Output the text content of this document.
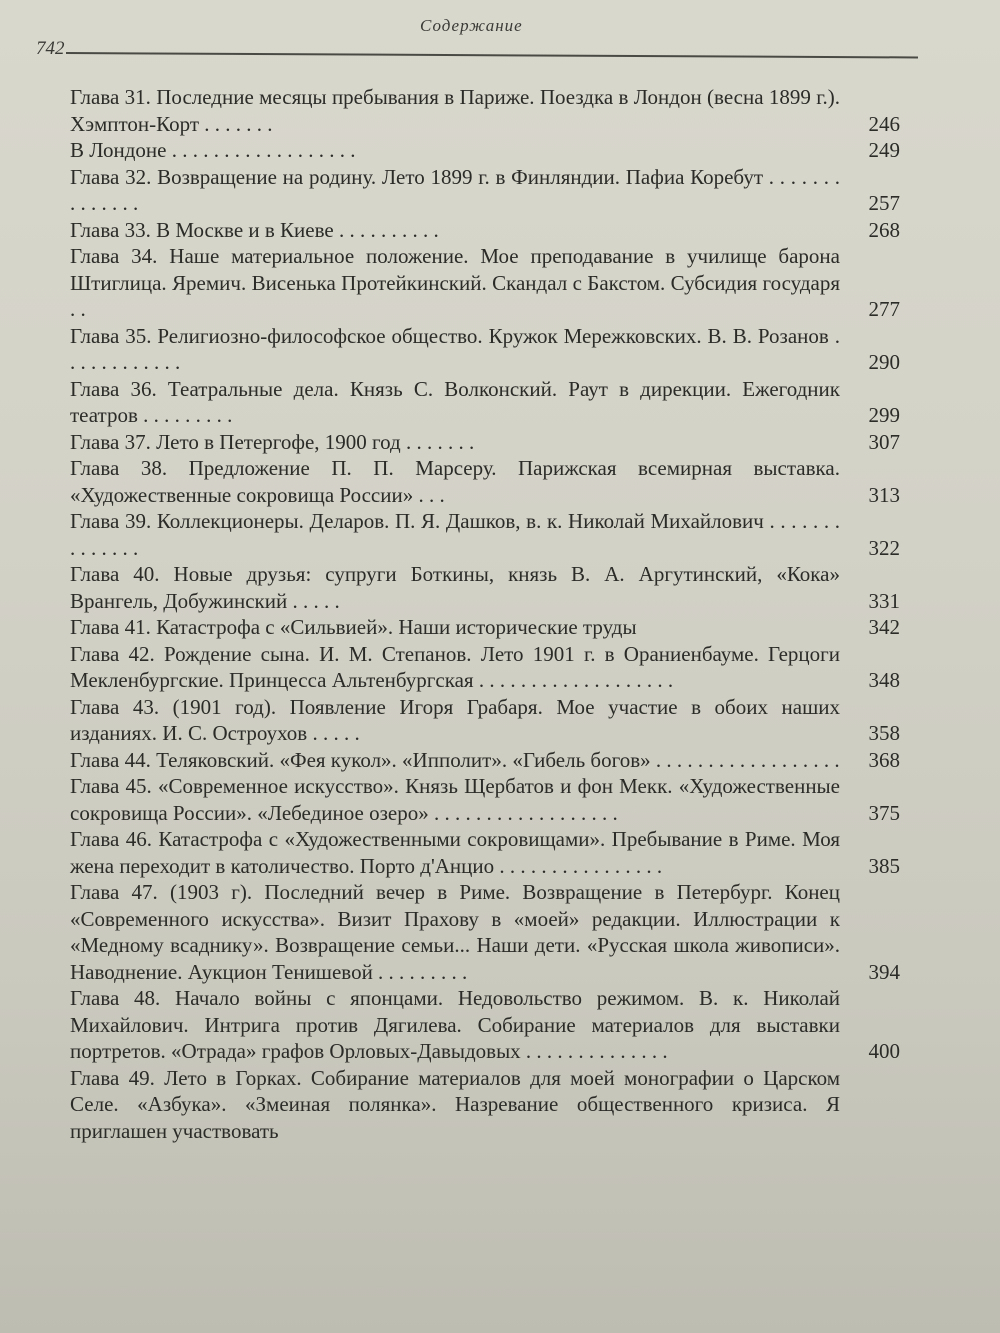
742
Содержание
Глава 31. Последние месяцы пребывания в Париже. Поездка в Лондон (весна 1899 г.). Хэмптон-Корт . . . . . . .	246
В Лондоне . . . . . . . . . . . . . . . . . .	249
Глава 32. Возвращение на родину. Лето 1899 г. в Финляндии. Пафиа Коребут . . . . . . . . . . . . . .	257
Глава 33. В Москве и в Киеве . . . . . . . . . .	268
Глава 34. Наше материальное положение. Мое преподавание в училище барона Штиглица. Яремич. Висенька Протейкинский. Скандал с Бакстом. Субсидия государя . .	277
Глава 35. Религиозно-философское общество. Кружок Мережковских. В. В. Розанов . . . . . . . . . . . .	290
Глава 36. Театральные дела. Князь С. Волконский. Раут в дирекции. Ежегодник театров . . . . . . . . .	299
Глава 37. Лето в Петергофе, 1900 год . . . . . . .	307
Глава 38. Предложение П. П. Марсеру. Парижская всемирная выставка. «Художественные сокровища России» . . .	313
Глава 39. Коллекционеры. Деларов. П. Я. Дашков, в. к. Николай Михайлович . . . . . . . . . . . . . .	322
Глава 40. Новые друзья: супруги Боткины, князь В. А. Аргутинский, «Кока» Врангель, Добужинский . . . . .	331
Глава 41. Катастрофа с «Сильвией». Наши исторические труды	342
Глава 42. Рождение сына. И. М. Степанов. Лето 1901 г. в Ораниенбауме. Герцоги Мекленбургские. Принцесса Альтенбургская . . . . . . . . . . . . . . . . . . .	348
Глава 43. (1901 год). Появление Игоря Грабаря. Мое участие в обоих наших изданиях. И. С. Остроухов . . . . .	358
Глава 44. Теляковский. «Фея кукол». «Ипполит». «Гибель богов» . . . . . . . . . . . . . . . . . . 368
Глава 45. «Современное искусство». Князь Щербатов и фон Мекк. «Художественные сокровища России». «Лебединое озеро» . . . . . . . . . . . . . . . . . .	375
Глава 46. Катастрофа с «Художественными сокровищами». Пребывание в Риме. Моя жена переходит в католичество. Порто д'Анцио . . . . . . . . . . . . . . . .	385
Глава 47. (1903 г). Последний вечер в Риме. Возвращение в Петербург. Конец «Современного искусства». Визит Прахову в «моей» редакции. Иллюстрации к «Медному всаднику». Возвращение семьи... Наши дети. «Русская школа живописи». Наводнение. Аукцион Тенишевой . . . . . . . . .	394
Глава 48. Начало войны с японцами. Недовольство режимом. В. к. Николай Михайлович. Интрига против Дягилева. Собирание материалов для выставки портретов. «Отрада» графов Орловых-Давыдовых . . . . . . . . . . . . . .	400
Глава 49. Лето в Горках. Собирание материалов для моей монографии о Царском Селе. «Азбука». «Змеиная полянка». Назревание общественного кризиса. Я приглашен участвовать
